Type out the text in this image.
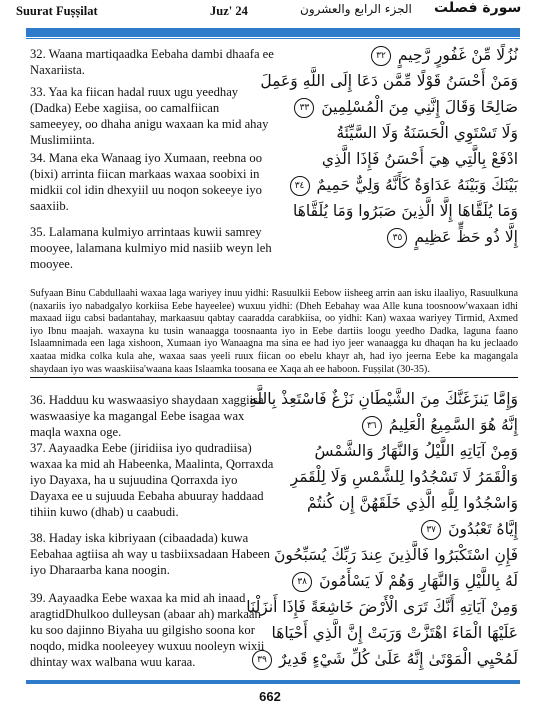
Suurat Fuṣṣilat	Juz' 24	الجزء الرابع والعشرون سورة فصلت
32. Waana martiqaadka Eebaha dambi dhaafa ee Naxariista.
33. Yaa ka fiican hadal ruux ugu yeedhay (Dadka) Eebe xagiisa, oo camalfiican sameeyey, oo dhaha anigu waxaan ka mid ahay Muslimiinta.
34. Mana eka Wanaag iyo Xumaan, reebna oo (bixi) arrinta fiican markaas waxaa soobixi in midkii col idin dhexyiil uu noqon sokeeye iyo saaxiib.
35. Lalamana kulmiyo arrintaas kuwii samrey mooyee, lalamana kulmiyo mid nasiib weyn leh mooyee.
نُزُلًا مِّنْ غَفُورٍ رَّحِيمٍ ٣٢
وَمَنْ أَحْسَنُ قَوْلًا مِّمَّن دَعَا إِلَى اللَّهِ وَعَمِلَ
صَالِحًا وَقَالَ إِنَّنِي مِنَ الْمُسْلِمِينَ ٣٣
وَلَا تَسْتَوِي الْحَسَنَةُ وَلَا السَّيِّئَةُ
ادْفَعْ بِالَّتِي هِيَ أَحْسَنُ فَإِذَا الَّذِي
بَيْنَكَ وَبَيْنَهُ عَدَاوَةٌ كَأَنَّهُ وَلِيٌّ حَمِيمٌ ٣٤
وَمَا يُلَقَّاهَا إِلَّا الَّذِينَ صَبَرُوا وَمَا يُلَقَّاهَا
إِلَّا ذُو حَظٍّ عَظِيمٍ ٣٥
Sufyaan Binu Cabdullaahi waxaa laga wariyey inuu yidhi: Rasuulkii Eebow iisheeg arrin aan isku ilaaliyo, Rasuulkuna (naxariis iyo nabadgalyo korkiisa Eebe hayeelee) wuxuu yidhi: (Dheh Eebahay waa Alle kuna toosnoow'waxaan idhi maxaad iigu cabsi badantahay, markaasuu qabtay caaradda carabkiisa, oo yidhi: Kan) waxaa wariyey Tirmid, Axmed iyo Ibnu maajah. waxayna ku tusin wanaagga toosnaanta iyo in Eebe dartiis loogu yeedho Dadka, laguna faano Islaamnimada een laga xishoon, Xumaan iyo Wanaagna ma sina ee had iyo jeer wanaagga ku dhaqan ha ku jeclaado xaataa midka colka kula ahe, waxaa saas yeeli ruux fiican oo ebelu khayr ah, had iyo jeerna Eebe ka magangala shaydaan iyo was waaskiisa'waana kaas Islaamka toosana ee Xaqa ah ee haboon. Fuṣṣilat (30-35).
36. Hadduu ku waswaasiyo shaydaan xaggiisa waswaasiye ka magangal Eebe isagaa wax maqla waxna oge.
37. Aayaadka Eebe (jiridiisa iyo qudradiisa) waxaa ka mid ah Habeenka, Maalinta, Qorraxda iyo Dayaxa, ha u sujuudina Qorraxda iyo Dayaxa ee u sujuuda Eebaha abuuray haddaad tihiin kuwo (dhab) u caabudi.
38. Haday iska kibriyaan (cibaadada) kuwa Eebahaa agtiisa ah way u tasbiixsadaan Habeen iyo Dharaarba kana noogin.
39. Aayaadka Eebe waxaa ka mid ah inaad aragtidDhulkoo dulleysan (abaar ah) markaan ku soo dajinno Biyaha uu gilgisho soona kor noqdo, midka nooleeyey wuxuu nooleyn wixii dhintay wax walbana wuu karaa.
وَإِمَّا يَنزَغَنَّكَ مِنَ الشَّيْطَانِ نَزْغٌ فَاسْتَعِذْ بِاللَّهِ
إِنَّهُ هُوَ السَّمِيعُ الْعَلِيمُ ٣٦
وَمِنْ آيَاتِهِ اللَّيْلُ وَالنَّهَارُ وَالشَّمْسُ
وَالْقَمَرُ لَا تَسْجُدُوا لِلشَّمْسِ وَلَا لِلْقَمَرِ
وَاسْجُدُوا لِلَّهِ الَّذِي خَلَقَهُنَّ إِن كُنتُمْ
إِيَّاهُ تَعْبُدُونَ ٣٧
فَإِنِ اسْتَكْبَرُوا فَالَّذِينَ عِندَ رَبِّكَ يُسَبِّحُونَ
لَهُ بِاللَّيْلِ وَالنَّهَارِ وَهُمْ لَا يَسْأَمُونَ ٣٨
وَمِنْ آيَاتِهِ أَنَّكَ تَرَى الْأَرْضَ خَاشِعَةً فَإِذَا أَنزَلْنَا
عَلَيْهَا الْمَاءَ اهْتَزَّتْ وَرَبَتْ إِنَّ الَّذِي أَحْيَاهَا
لَمُحْيِي الْمَوْتَىٰ إِنَّهُ عَلَىٰ كُلِّ شَيْءٍ قَدِيرٌ ٣٩
662
